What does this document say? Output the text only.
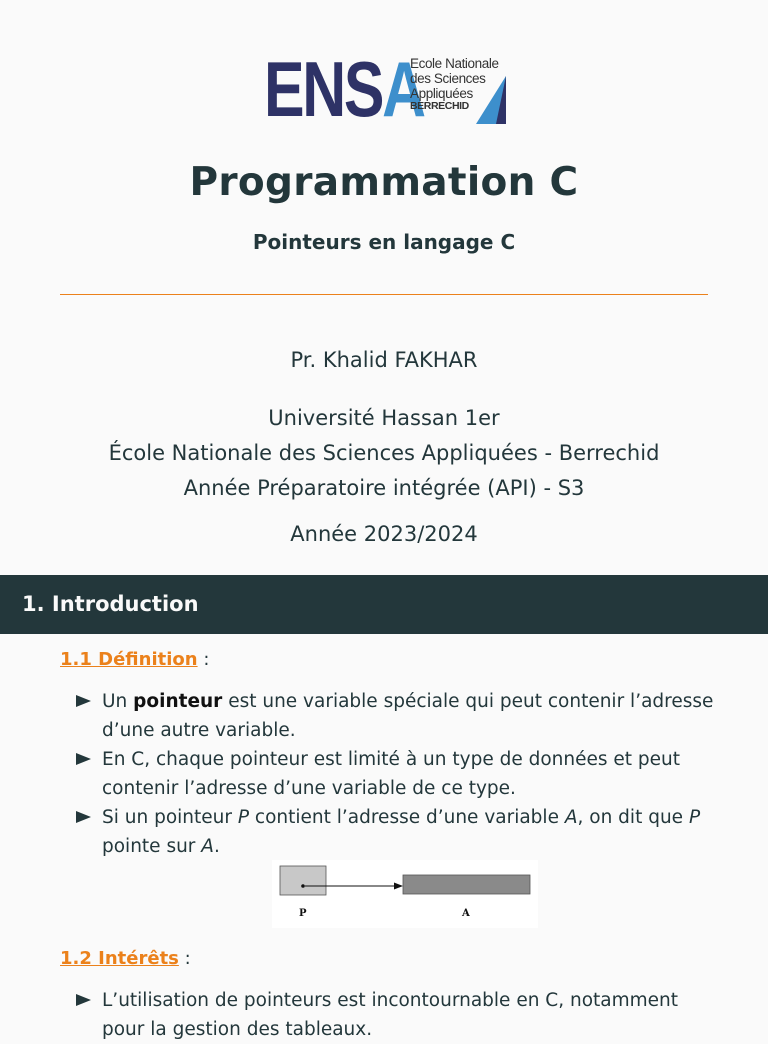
ENSA
Ecole Nationale
des Sciences
Appliquées
BERRECHID
Programmation C
Pointeurs en langage C
Pr. Khalid FAKHAR
Université Hassan 1er
École Nationale des Sciences Appliquées - Berrechid
Année Préparatoire intégrée (API) - S3
Année 2023/2024
1. Introduction
1.1 Définition :
Un pointeur est une variable spéciale qui peut contenir l’adresse d’une autre variable.
En C, chaque pointeur est limité à un type de données et peut contenir l’adresse d’une variable de ce type.
Si un pointeur P contient l’adresse d’une variable A, on dit que P pointe sur A.
P	A
1.2 Intérêts :
L’utilisation de pointeurs est incontournable en C, notamment pour la gestion des tableaux.
